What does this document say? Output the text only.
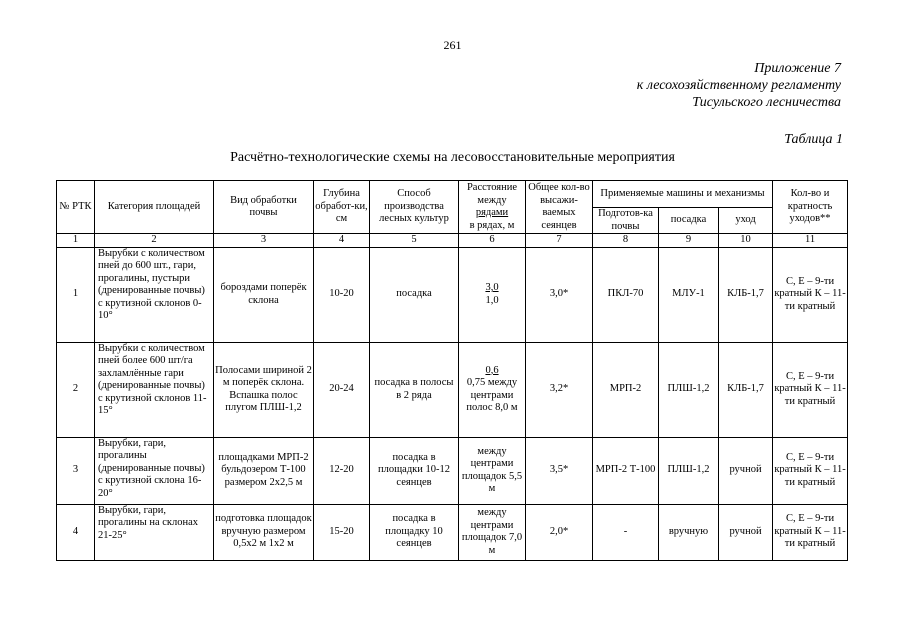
261
Приложение 7
к лесохозяйственному регламенту
Тисульского лесничества
Таблица 1
Расчётно-технологические схемы на лесовосстановительные мероприятия
№ РТК	Категория площадей	Вид обработки почвы	Глубина обработ-ки, см	Способ производства лесных культур	Расстояние между
рядами
в рядах, м	Общее кол-во высажи-ваемых сеянцев	Применяемые машины и механизмы			Кол-во и кратность уходов**
							Подготов-ка почвы	посадка	уход	
1	2	3	4	5	6	7	8	9	10	11
1	Вырубки с количеством пней до 600 шт., гари, прогалины, пустыри (дренированные почвы) с крутизной склонов 0-10°	бороздами поперёк склона	10-20	посадка	3,0
1,0	3,0*	ПКЛ-70	МЛУ-1	КЛБ-1,7	С, Е – 9-ти кратный К – 11-ти кратный
2	Вырубки с количеством пней более 600 шт/га захламлённые гари (дренированные почвы) с крутизной склонов 11-15°	Полосами шириной 2 м поперёк склона. Вспашка полос плугом ПЛШ-1,2	20-24	посадка в полосы в 2 ряда	0,6
0,75 между центрами полос 8,0 м	3,2*	МРП-2	ПЛШ-1,2	КЛБ-1,7	С, Е – 9-ти кратный К – 11-ти кратный
3	Вырубки, гари, прогалины (дренированные почвы) с крутизной склона 16-20°	площадками МРП-2 бульдозером Т-100 размером 2х2,5 м	12-20	посадка в площадки 10-12 сеянцев	между центрами площадок 5,5 м	3,5*	МРП-2 Т-100	ПЛШ-1,2	ручной	С, Е – 9-ти кратный К – 11-ти кратный
4	Вырубки, гари, прогалины на склонах 21-25°	подготовка площадок вручную размером 0,5х2 м 1х2 м	15-20	посадка в площадку 10 сеянцев	между центрами площадок 7,0 м	2,0*	-	вручную	ручной	С, Е – 9-ти кратный К – 11-ти кратный
